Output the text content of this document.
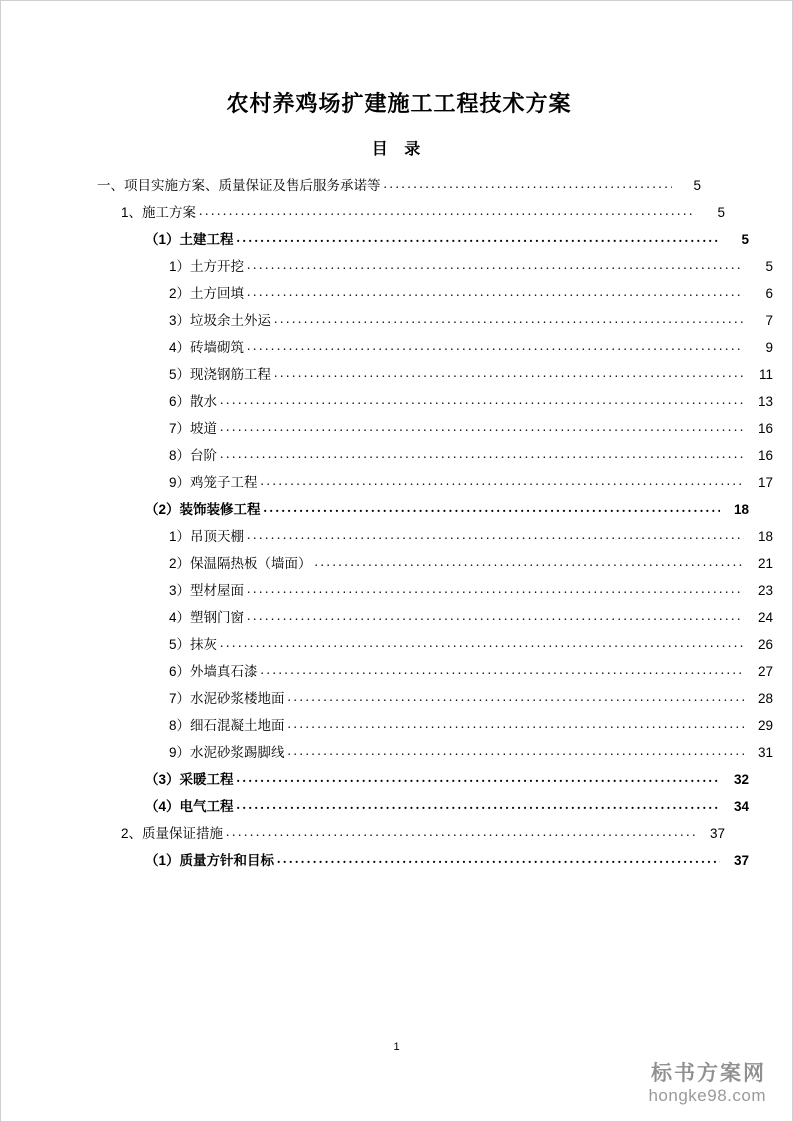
农村养鸡场扩建施工工程技术方案
目 录
一、项目实施方案、质量保证及售后服务承诺等 .....	5
1、施工方案 .....	5
（1）土建工程 .....	5
1）土方开挖 .....	5
2）土方回填 .....	6
3）垃圾余土外运 .....	7
4）砖墙砌筑 .....	9
5）现浇钢筋工程 .....	11
6）散水 .....	13
7）坡道 .....	16
8）台阶 .....	16
9）鸡笼子工程 .....	17
（2）装饰装修工程 .....	18
1）吊顶天棚 .....	18
2）保温隔热板（墙面） .....	21
3）型材屋面 .....	23
4）塑钢门窗 .....	24
5）抹灰 .....	26
6）外墙真石漆 .....	27
7）水泥砂浆楼地面 .....	28
8）细石混凝土地面 .....	29
9）水泥砂浆踢脚线 .....	31
（3）采暖工程 .....	32
（4）电气工程 .....	34
2、质量保证措施 .....	37
（1）质量方针和目标 .....	37
1
标书方案网
hongke98.com
